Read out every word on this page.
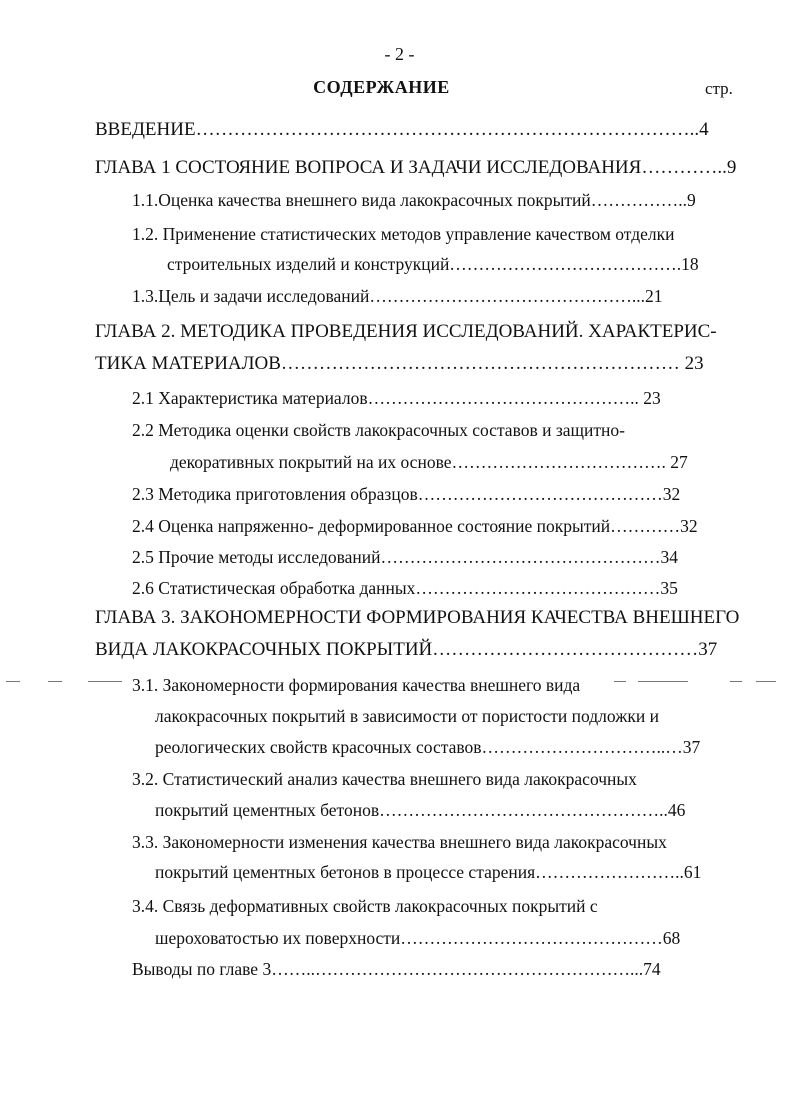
- 2 -
СОДЕРЖАНИЕ	стр.
ВВЕДЕНИЕ……………………………………………………………………..4
ГЛАВА 1 СОСТОЯНИЕ ВОПРОСА И ЗАДАЧИ ИССЛЕДОВАНИЯ…………..9
1.1.Оценка качества внешнего вида лакокрасочных покрытий……………..9
1.2. Применение статистических методов управление качеством отделки
строительных изделий и конструкций………………………………….18
1.3.Цель и задачи исследований………………………………………...21
ГЛАВА 2. МЕТОДИКА ПРОВЕДЕНИЯ ИССЛЕДОВАНИЙ. ХАРАКТЕРИС-
ТИКА МАТЕРИАЛОВ……………………………………………………… 23
2.1 Характеристика материалов……………………………………….. 23
2.2 Методика оценки свойств лакокрасочных составов и защитно-
декоративных покрытий на их основе………………………………. 27
2.3 Методика приготовления образцов……………………………………32
2.4 Оценка напряженно- деформированное состояние покрытий…………32
2.5 Прочие методы исследований…………………………………………34
2.6 Статистическая обработка данных……………………………………35
ГЛАВА 3. ЗАКОНОМЕРНОСТИ ФОРМИРОВАНИЯ КАЧЕСТВА ВНЕШНЕГО
ВИДА ЛАКОКРАСОЧНЫХ ПОКРЫТИЙ……………………………………37
3.1. Закономерности формирования качества внешнего вида
лакокрасочных покрытий в зависимости от пористости подложки и
реологических свойств красочных составов…………………………..…37
3.2. Статистический анализ качества внешнего вида лакокрасочных
покрытий цементных бетонов…………………………………………..46
3.3. Закономерности изменения качества внешнего вида лакокрасочных
покрытий цементных бетонов в процессе старения……………………..61
3.4. Связь деформативных свойств лакокрасочных покрытий с
шероховатостью их поверхности………………………………………68
Выводы по главе 3……..………………………………………………...74
